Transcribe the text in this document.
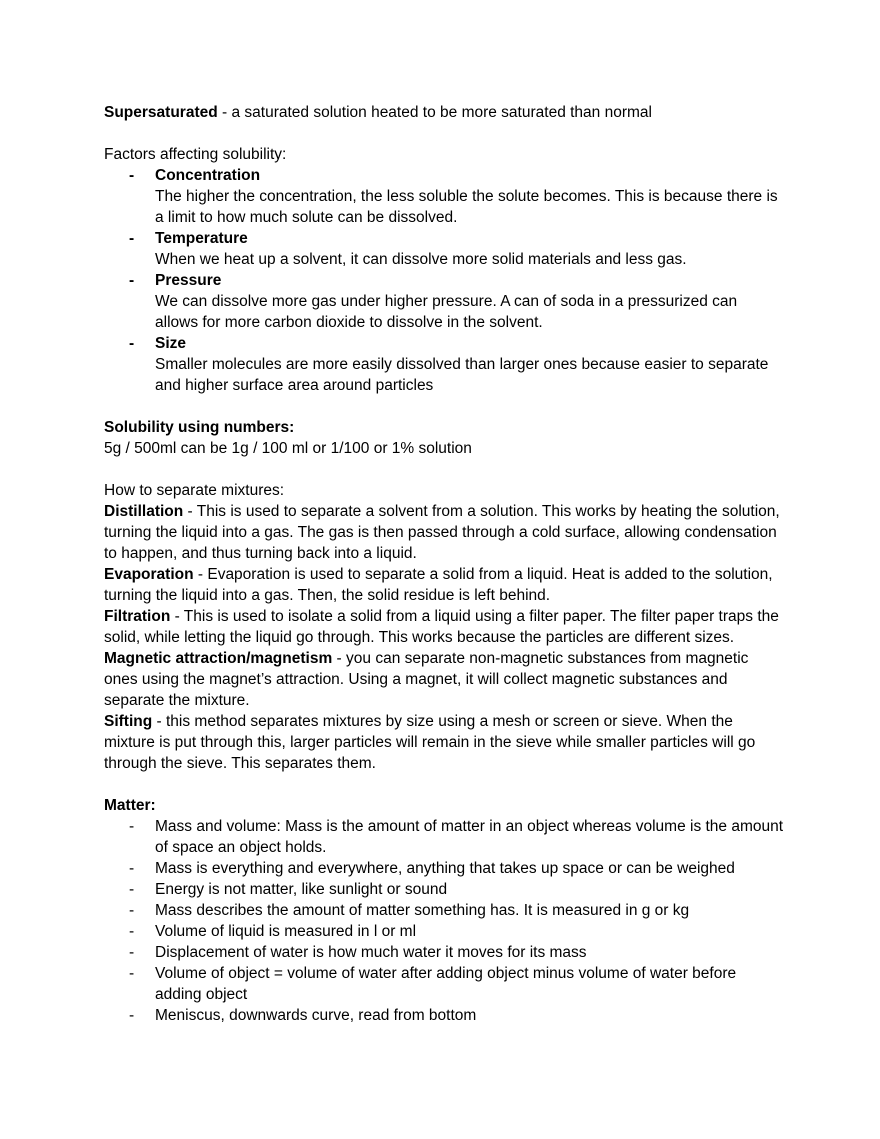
Supersaturated - a saturated solution heated to be more saturated than normal

Factors affecting solubility:

- Concentration
The higher the concentration, the less soluble the solute becomes. This is because there is a limit to how much solute can be dissolved.
- Temperature
When we heat up a solvent, it can dissolve more solid materials and less gas.
- Pressure
We can dissolve more gas under higher pressure. A can of soda in a pressurized can allows for more carbon dioxide to dissolve in the solvent.
- Size
Smaller molecules are more easily dissolved than larger ones because easier to separate and higher surface area around particles

Solubility using numbers:

5g / 500ml can be 1g / 100 ml or 1/100 or 1% solution

How to separate mixtures:

Distillation - This is used to separate a solvent from a solution. This works by heating the solution, turning the liquid into a gas. The gas is then passed through a cold surface, allowing condensation to happen, and thus turning back into a liquid.

Evaporation - Evaporation is used to separate a solid from a liquid. Heat is added to the solution, turning the liquid into a gas. Then, the solid residue is left behind.

Filtration - This is used to isolate a solid from a liquid using a filter paper. The filter paper traps the solid, while letting the liquid go through. This works because the particles are different sizes.

Magnetic attraction/magnetism - you can separate non-magnetic substances from magnetic ones using the magnet’s attraction. Using a magnet, it will collect magnetic substances and separate the mixture.

Sifting - this method separates mixtures by size using a mesh or screen or sieve. When the mixture is put through this, larger particles will remain in the sieve while smaller particles will go through the sieve. This separates them.

Matter:

- Mass and volume: Mass is the amount of matter in an object whereas volume is the amount of space an object holds.
- Mass is everything and everywhere, anything that takes up space or can be weighed
- Energy is not matter, like sunlight or sound
- Mass describes the amount of matter something has. It is measured in g or kg
- Volume of liquid is measured in l or ml
- Displacement of water is how much water it moves for its mass
- Volume of object = volume of water after adding object minus volume of water before adding object
- Meniscus, downwards curve, read from bottom
